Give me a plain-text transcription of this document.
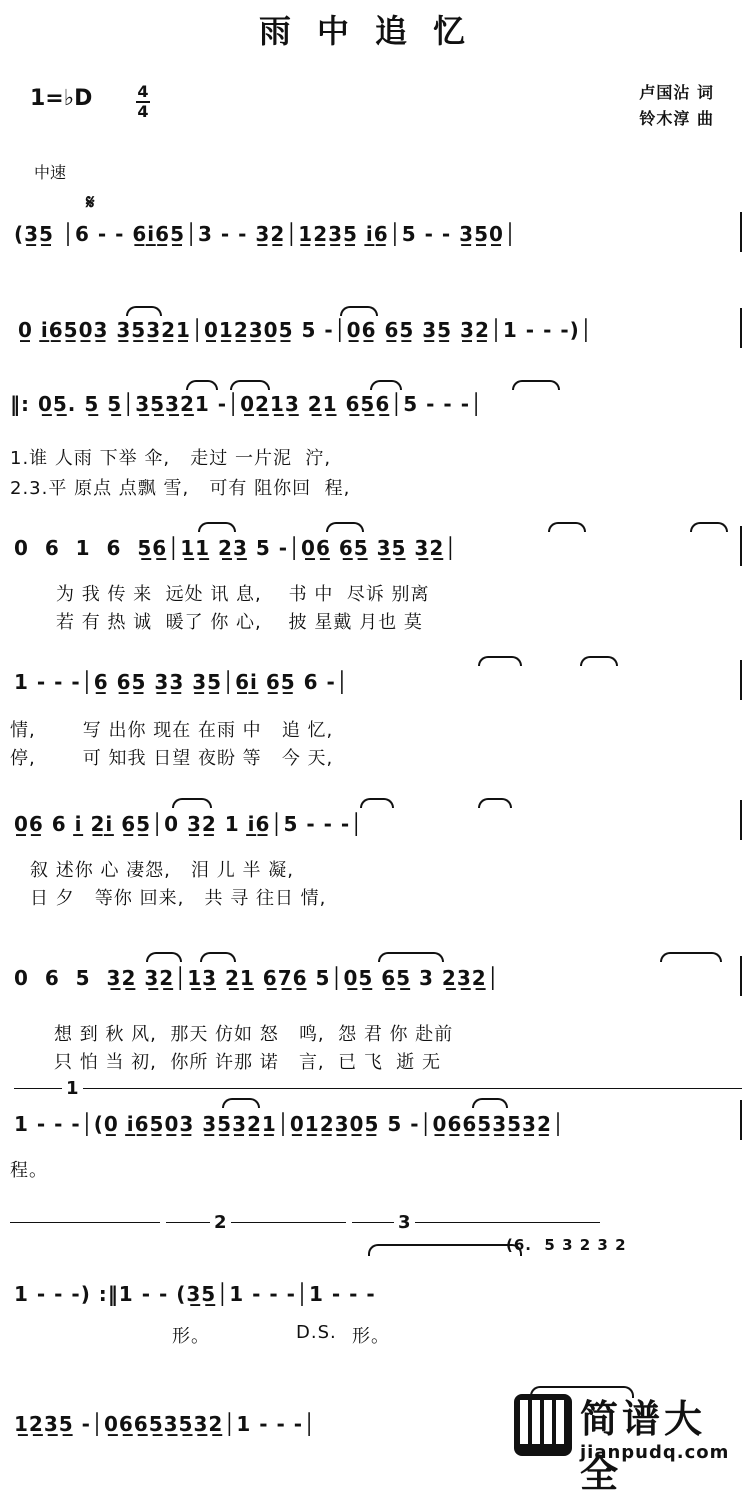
雨中追忆
1=♭D	4
4
卢国沾 词
铃木淳 曲
中速
𝄋
(3̲5̲ │6 - - 6̲i̲6̲5̲│3 - - 3̲2̲│1̲2̲3̲5̲ i̲6̲│5 - - 3̲5̲0̲│
0̲ i̲6̲5̲0̲3̲ 3̲5̲3̲2̲1̲│0̲1̲2̲3̲0̲5̲ 5 -│0̲6̲ 6̲5̲ 3̲5̲ 3̲2̲│1 - - -)│
‖: 0̲5̲. 5̲ 5̲│3̲5̲3̲2̲1 -│0̲2̲1̲3̲ 2̲1̲ 6̲5̲6̲│5 - - -│
1.谁 人雨 下举 伞,   走过 一片泥  泞,
2.3.平 原点 点飘 雪,   可有 阻你回  程,
0  6  1  6  5̲6̲│1̲1̲ 2̲3̲ 5 -│0̲6̲ 6̲5̲ 3̲5̲ 3̲2̲│
为 我 传 来  远处 讯 息,    书 中  尽诉 别离
若 有 热 诚  暖了 你 心,    披 星戴 月也 莫
1 - - -│6̲ 6̲5̲ 3̲3̲ 3̲5̲│6̲i̲ 6̲5̲ 6 -│
情,       写 出你 现在 在雨 中   追 忆,
停,       可 知我 日望 夜盼 等   今 天,
0̲6̲ 6 i̲ 2̲i̲ 6̲5̲│0 3̲2̲ 1 i̲6̲│5 - - -│
叙 述你 心 凄怨,   泪 儿 半 凝,
日 夕   等你 回来,   共 寻 往日 情,
0  6  5  3̲2̲ 3̲2̲│1̲3̲ 2̲1̲ 6̲7̲6̲ 5│0̲5̲ 6̲5̲ 3 2̲3̲2̲│
想 到 秋 风,  那天 仿如 怒   鸣,  怨 君 你 赴前
只 怕 当 初,  你所 许那 诺   言,  已 飞  逝 无
1
1 - - -│(0̲ i̲6̲5̲0̲3̲ 3̲5̲3̲2̲1̲│0̲1̲2̲3̲0̲5̲ 5 -│0̲6̲6̲5̲3̲5̲3̲2̲│
程。
2	3
(6.  5 3 2 3 2
1 - - -) :‖1 - - (3̲5̲│1 - - -│1 - - -
形。	D.S. 形。
1̲2̲3̲5̲ -│0̲6̲6̲5̲3̲5̲3̲2̲│1 - - -│	简谱大全
jianpudq.com
